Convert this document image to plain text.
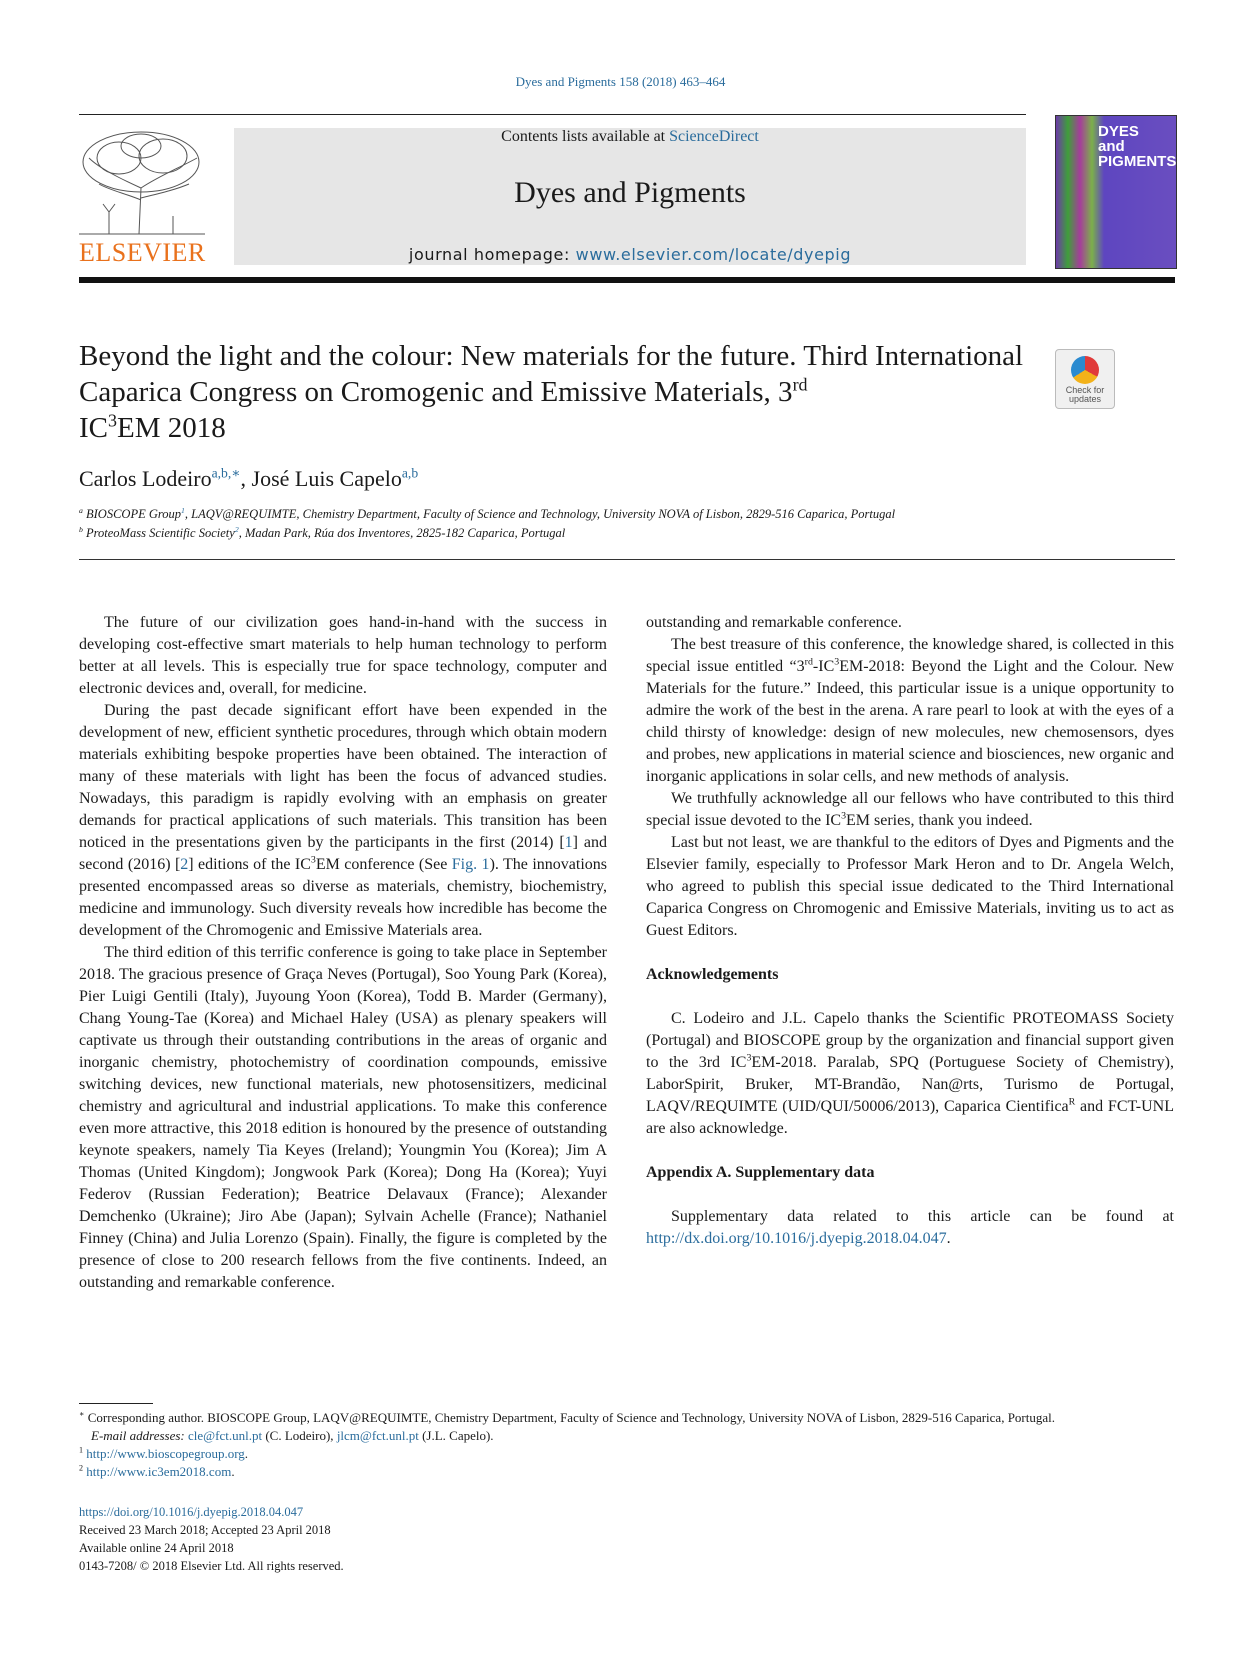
Dyes and Pigments 158 (2018) 463–464
ELSEVIER
Contents lists available at ScienceDirect
Dyes and Pigments
journal homepage: www.elsevier.com/locate/dyepig
DYES
and
PIGMENTS
Beyond the light and the colour: New materials for the future. Third International Caparica Congress on Cromogenic and Emissive Materials, 3rd
$IC^3EM$ 2018
Check for updates
Carlos Lodeiro$^{a,b,∗}$, José Luis Capelo$^{a,b}$
$^a$ BIOSCOPE Group$^1$, LAQV@REQUIMTE, Chemistry Department, Faculty of Science and Technology, University NOVA of Lisbon, 2829-516 Caparica, Portugal
$^b$ ProteoMass Scientific Society$^2$, Madan Park, Rúa dos Inventores, 2825-182 Caparica, Portugal

The future of our civilization goes hand-in-hand with the success in developing cost-effective smart materials to help human technology to perform better at all levels. This is especially true for space technology, computer and electronic devices and, overall, for medicine.

During the past decade significant effort have been expended in the development of new, efficient synthetic procedures, through which obtain modern materials exhibiting bespoke properties have been obtained. The interaction of many of these materials with light has been the focus of advanced studies. Nowadays, this paradigm is rapidly evolving with an emphasis on greater demands for practical applications of such materials. This transition has been noticed in the presentations given by the participants in the first (2014) [1] and second (2016) [2] editions of the $IC^3EM$ conference (See Fig. 1). The innovations presented encompassed areas so diverse as materials, chemistry, biochemistry, medicine and immunology. Such diversity reveals how incredible has become the development of the Chromogenic and Emissive Materials area.

The third edition of this terrific conference is going to take place in September 2018. The gracious presence of Graça Neves (Portugal), Soo Young Park (Korea), Pier Luigi Gentili (Italy), Juyoung Yoon (Korea), Todd B. Marder (Germany), Chang Young-Tae (Korea) and Michael Haley (USA) as plenary speakers will captivate us through their outstanding contributions in the areas of organic and inorganic chemistry, photochemistry of coordination compounds, emissive switching devices, new functional materials, new photosensitizers, medicinal chemistry and agricultural and industrial applications. To make this conference even more attractive, this 2018 edition is honoured by the presence of outstanding keynote speakers, namely Tia Keyes (Ireland); Youngmin You (Korea); Jim A Thomas (United Kingdom); Jongwook Park (Korea); Dong Ha (Korea); Yuyi Federov (Russian Federation); Beatrice Delavaux (France); Alexander Demchenko (Ukraine); Jiro Abe (Japan); Sylvain Achelle (France); Nathaniel Finney (China) and Julia Lorenzo (Spain). Finally, the figure is completed by the presence of close to 200 research fellows from the five continents. Indeed, an outstanding and remarkable conference.

outstanding and remarkable conference.

The best treasure of this conference, the knowledge shared, is collected in this special issue entitled “$3rd-IC^3EM-2018$: Beyond the Light and the Colour. New Materials for the future.” Indeed, this particular issue is a unique opportunity to admire the work of the best in the arena. A rare pearl to look at with the eyes of a child thirsty of knowledge: design of new molecules, new chemosensors, dyes and probes, new applications in material science and biosciences, new organic and inorganic applications in solar cells, and new methods of analysis.

We truthfully acknowledge all our fellows who have contributed to this third special issue devoted to the $IC^3EM$ series, thank you indeed.

Last but not least, we are thankful to the editors of Dyes and Pigments and the Elsevier family, especially to Professor Mark Heron and to Dr. Angela Welch, who agreed to publish this special issue dedicated to the Third International Caparica Congress on Chromogenic and Emissive Materials, inviting us to act as Guest Editors.

Acknowledgements

C. Lodeiro and J.L. Capelo thanks the Scientific PROTEOMASS Society (Portugal) and BIOSCOPE group by the organization and financial support given to the 3rd $IC^3EM-2018$. Paralab, SPQ (Portuguese Society of Chemistry), LaborSpirit, Bruker, MT-Brandão, Nan@rts, Turismo de Portugal, LAQV/REQUIMTE (UID/QUI/50006/2013), Caparica Cientifica$^R$ and FCT-UNL are also acknowledge.

Appendix A. Supplementary data

Supplementary data related to this article can be found at http://dx.doi.org/10.1016/j.dyepig.2018.04.047.

∗ Corresponding author. BIOSCOPE Group, LAQV@REQUIMTE, Chemistry Department, Faculty of Science and Technology, University NOVA of Lisbon, 2829-516 Caparica, Portugal.
E-mail addresses: cle@fct.unl.pt (C. Lodeiro), jlcm@fct.unl.pt (J.L. Capelo).
$^1$ http://www.bioscopegroup.org.
$^2$ http://www.ic3em2018.com.
https://doi.org/10.1016/j.dyepig.2018.04.047
Received 23 March 2018; Accepted 23 April 2018
Available online 24 April 2018
0143-7208/ © 2018 Elsevier Ltd. All rights reserved.
